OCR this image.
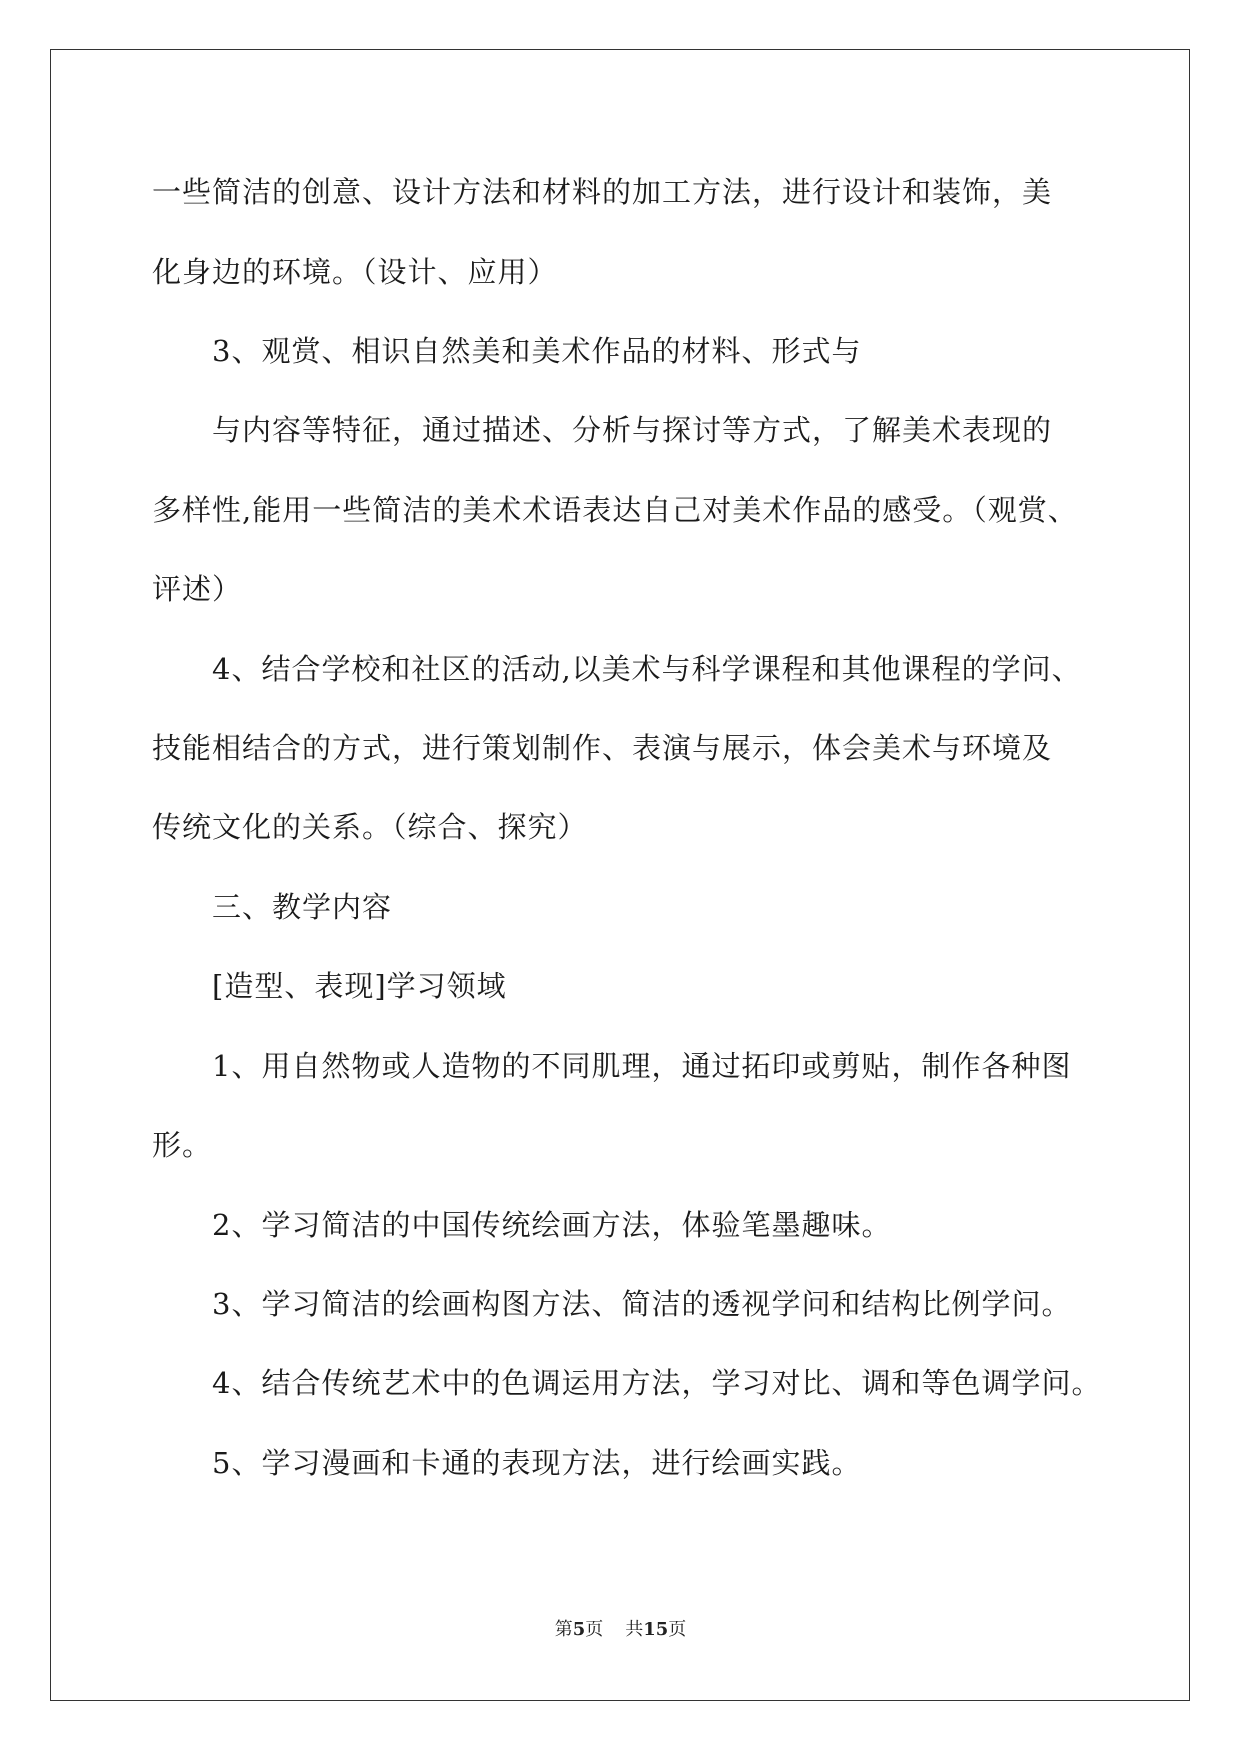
一些简洁的创意、设计方法和材料的加工方法，进行设计和装饰，美
化身边的环境。（设计、应用）
3、观赏、相识自然美和美术作品的材料、形式与
与内容等特征，通过描述、分析与探讨等方式，了解美术表现的
多样性,能用一些简洁的美术术语表达自己对美术作品的感受。（观赏、
评述）
4、结合学校和社区的活动,以美术与科学课程和其他课程的学问、
技能相结合的方式，进行策划制作、表演与展示，体会美术与环境及
传统文化的关系。（综合、探究）
三、教学内容
[造型、表现]学习领域
1、用自然物或人造物的不同肌理，通过拓印或剪贴，制作各种图
形。
2、学习简洁的中国传统绘画方法，体验笔墨趣味。
3、学习简洁的绘画构图方法、简洁的透视学问和结构比例学问。
4、结合传统艺术中的色调运用方法，学习对比、调和等色调学问。
5、学习漫画和卡通的表现方法，进行绘画实践。
第5页 共15页
